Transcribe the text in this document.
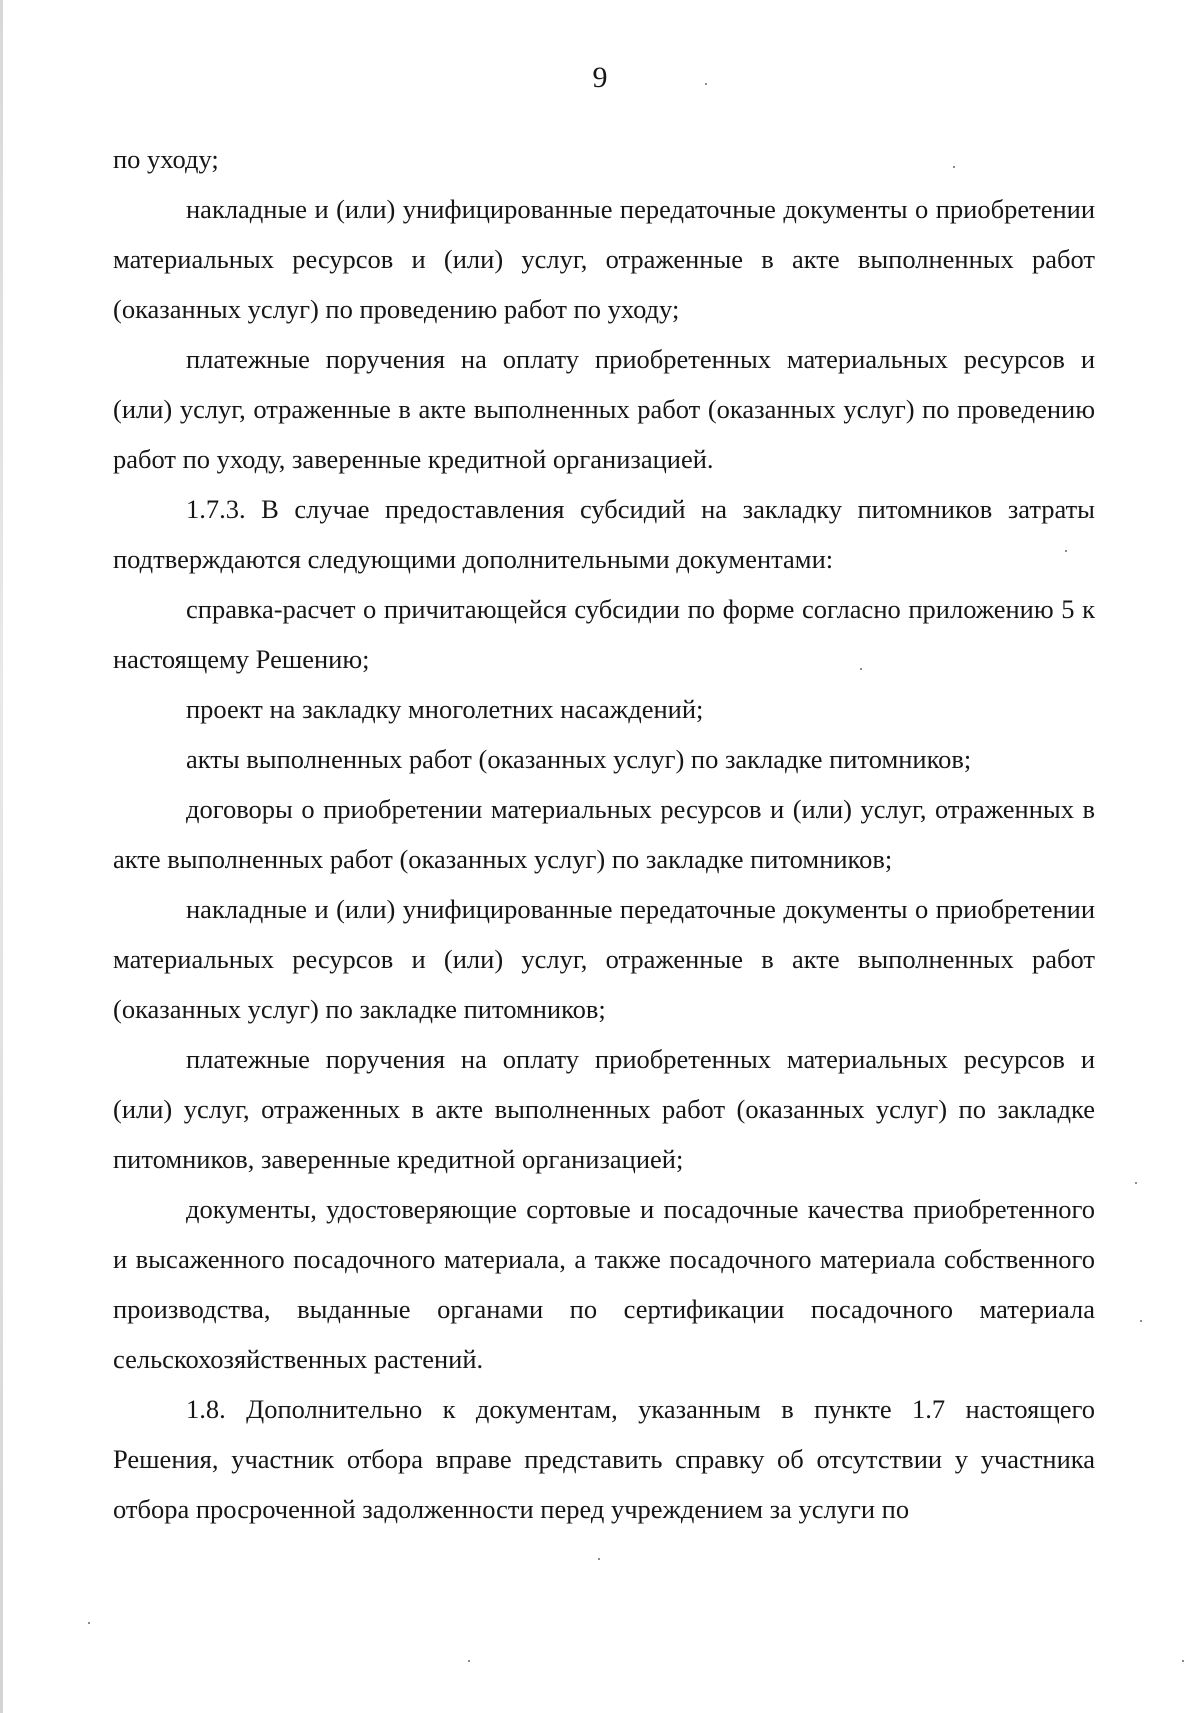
9

по уходу;

накладные и (или) унифицированные передаточные документы о приобретении материальных ресурсов и (или) услуг, отраженные в акте выполненных работ (оказанных услуг) по проведению работ по уходу;

платежные поручения на оплату приобретенных материальных ресурсов и (или) услуг, отраженные в акте выполненных работ (оказанных услуг) по проведению работ по уходу, заверенные кредитной организацией.

1.7.3. В случае предоставления субсидий на закладку питомников затраты подтверждаются следующими дополнительными документами:

справка-расчет о причитающейся субсидии по форме согласно приложению 5 к настоящему Решению;

проект на закладку многолетних насаждений;

акты выполненных работ (оказанных услуг) по закладке питомников;

договоры о приобретении материальных ресурсов и (или) услуг, отраженных в акте выполненных работ (оказанных услуг) по закладке питомников;

накладные и (или) унифицированные передаточные документы о приобретении материальных ресурсов и (или) услуг, отраженные в акте выполненных работ (оказанных услуг) по закладке питомников;

платежные поручения на оплату приобретенных материальных ресурсов и (или) услуг, отраженных в акте выполненных работ (оказанных услуг) по закладке питомников, заверенные кредитной организацией;

документы, удостоверяющие сортовые и посадочные качества приобретенного и высаженного посадочного материала, а также посадочного материала собственного производства, выданные органами по сертификации посадочного материала сельскохозяйственных растений.

1.8. Дополнительно к документам, указанным в пункте 1.7 настоящего Решения, участник отбора вправе представить справку об отсутствии у участника отбора просроченной задолженности перед учреждением за услуги по
